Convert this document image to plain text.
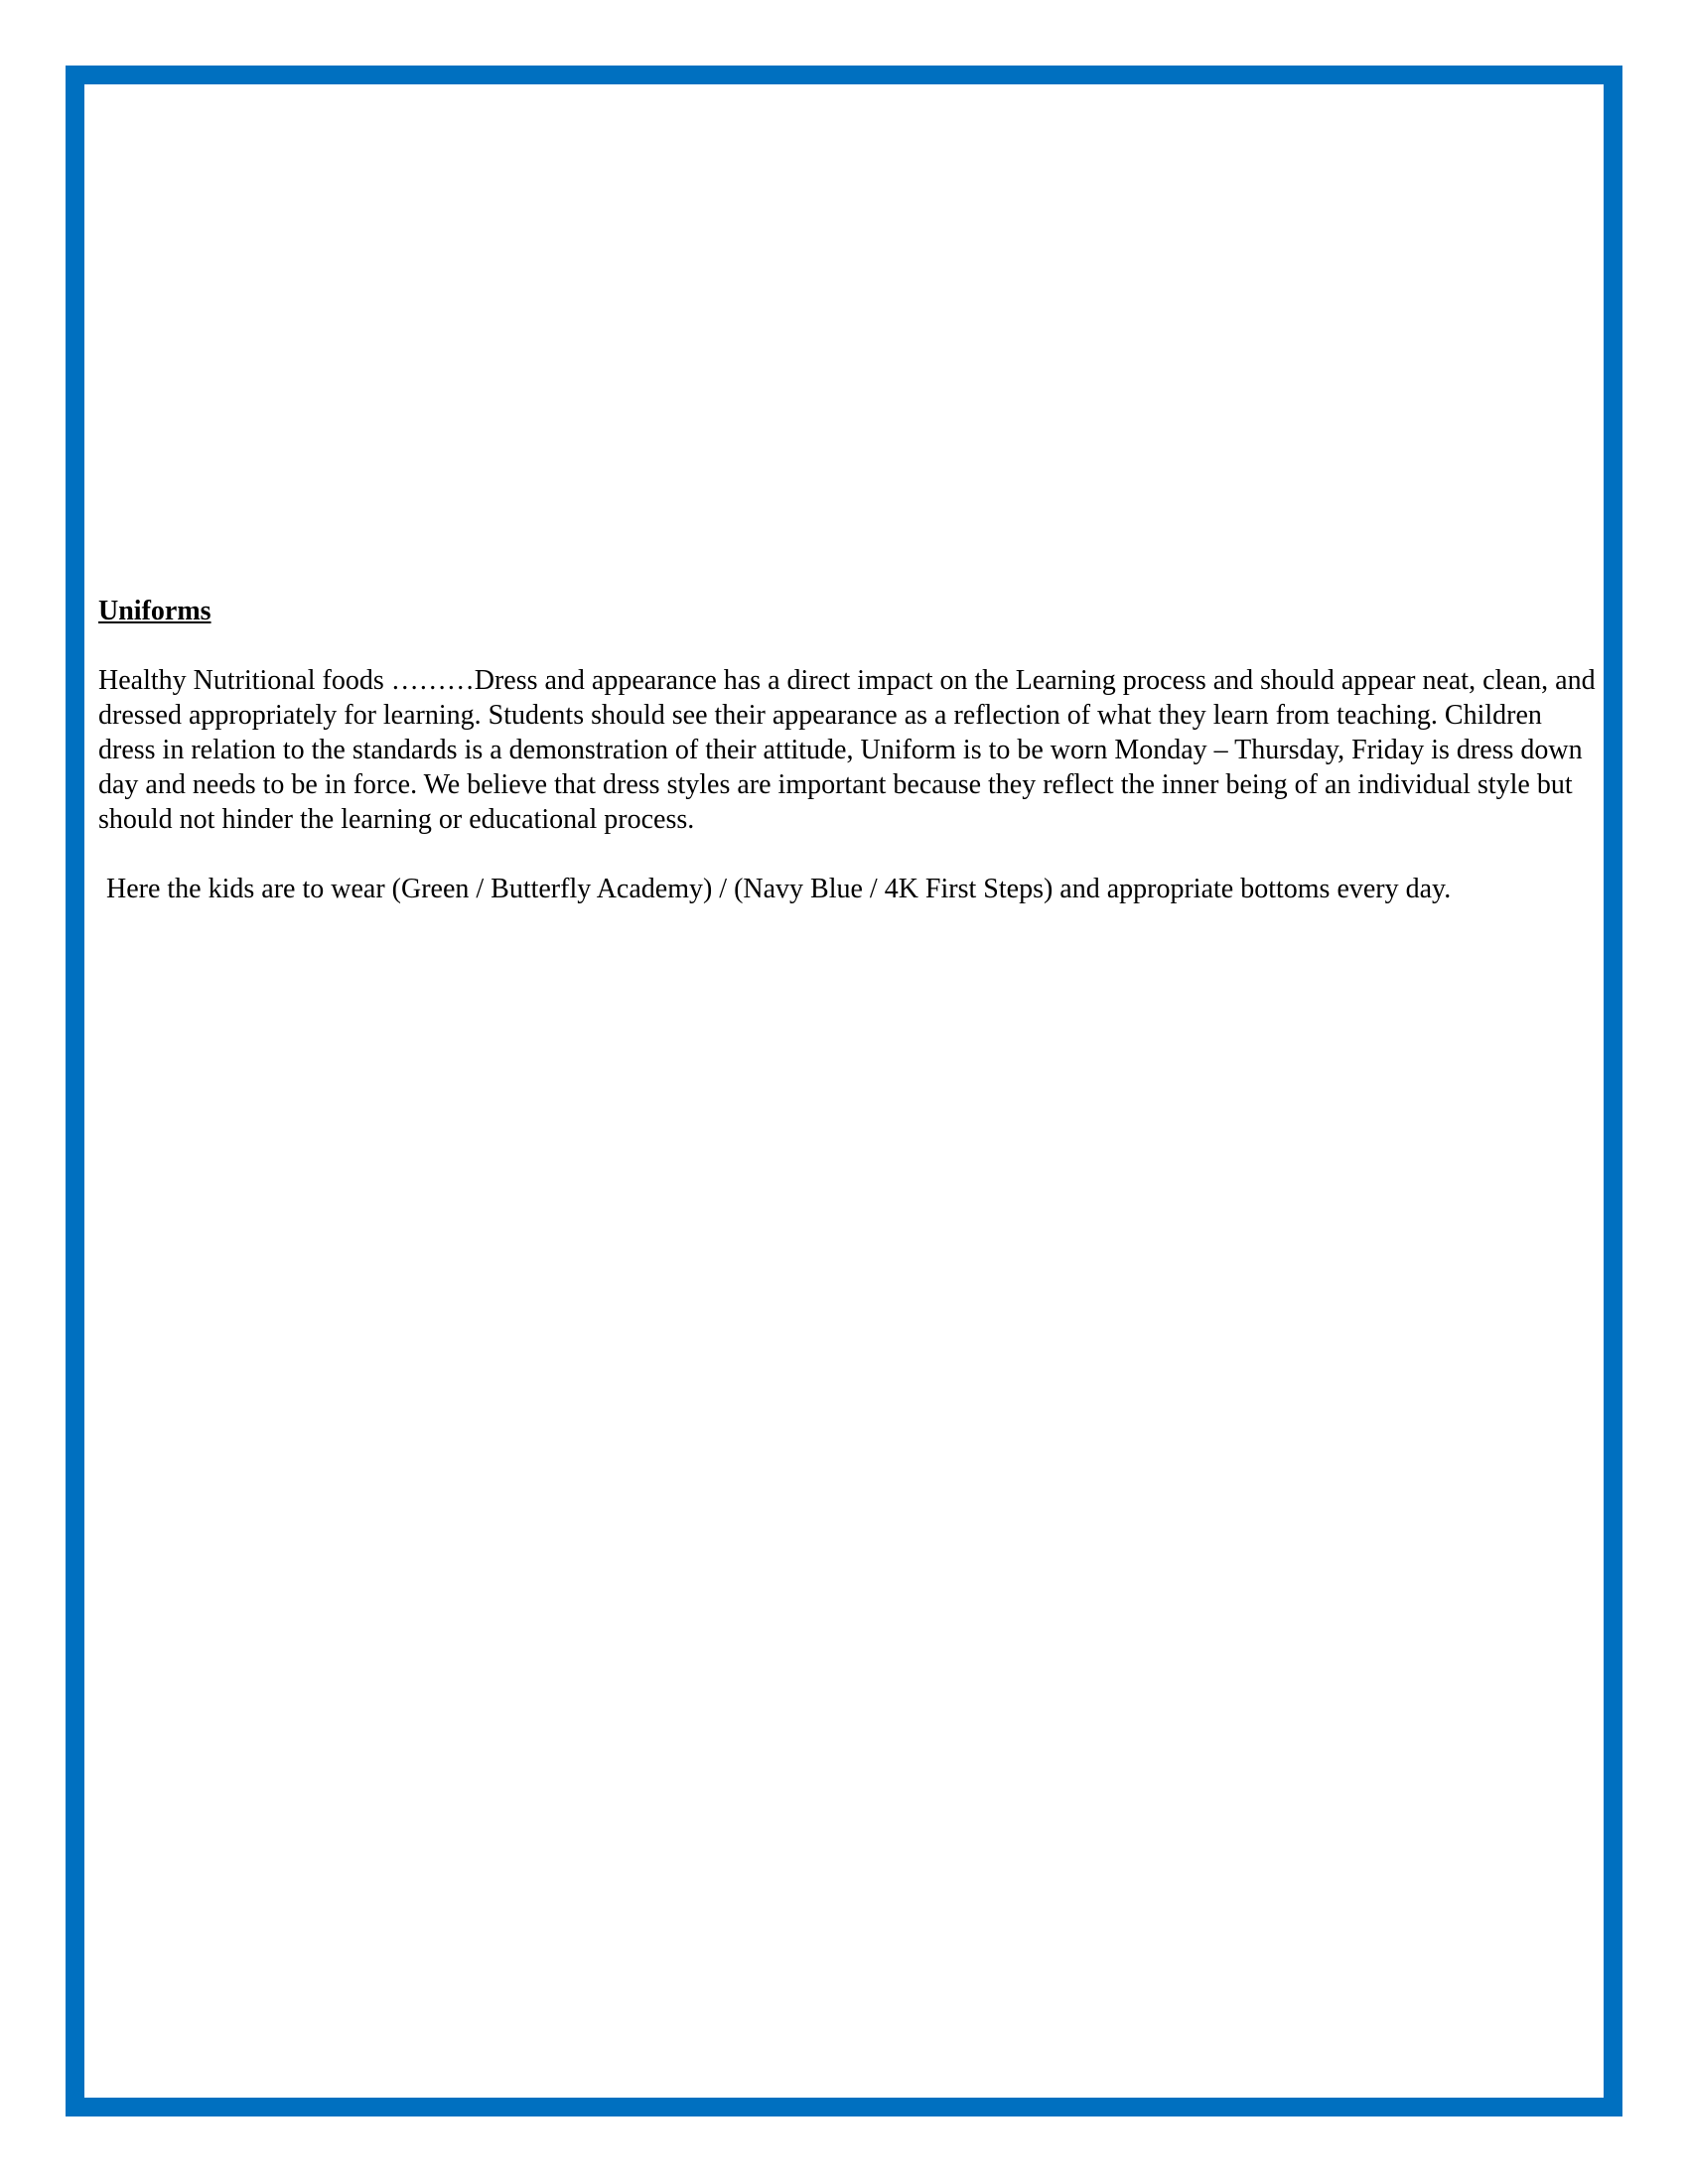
Uniforms

Healthy Nutritional foods ………Dress and appearance has a direct impact on the Learning process and should appear neat, clean, and dressed appropriately for learning. Students should see their appearance as a reflection of what they learn from teaching. Children dress in relation to the standards is a demonstration of their attitude, Uniform is to be worn Monday – Thursday, Friday is dress down day and needs to be in force. We believe that dress styles are important because they reflect the inner being of an individual style but should not hinder the learning or educational process.

Here the kids are to wear (Green / Butterfly Academy) / (Navy Blue / 4K First Steps) and appropriate bottoms every day.
